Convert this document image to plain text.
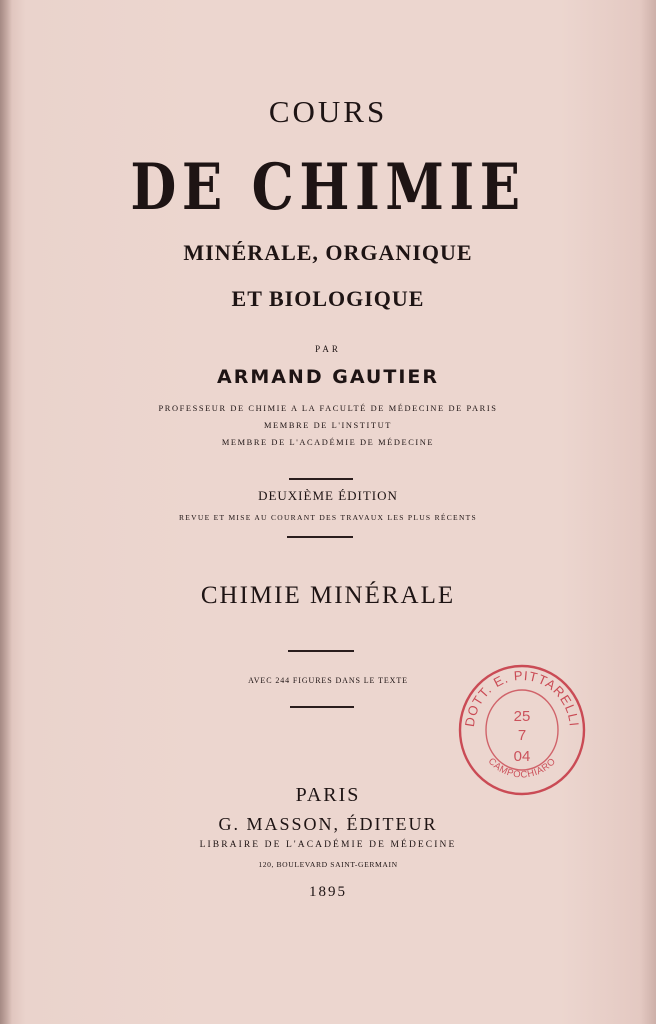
COURS
DE CHIMIE
MINÉRALE, ORGANIQUE
ET BIOLOGIQUE
PAR
ARMAND GAUTIER
PROFESSEUR DE CHIMIE A LA FACULTÉ DE MÉDECINE DE PARIS
MEMBRE DE L'INSTITUT
MEMBRE DE L'ACADÉMIE DE MÉDECINE
DEUXIÈME ÉDITION
REVUE ET MISE AU COURANT DES TRAVAUX LES PLUS RÉCENTS
CHIMIE MINÉRALE
AVEC 244 FIGURES DANS LE TEXTE
PARIS
G. MASSON, ÉDITEUR
LIBRAIRE DE L'ACADÉMIE DE MÉDECINE
120, BOULEVARD SAINT-GERMAIN
1895
DOTT. E. PITTARELLI
CAMPOCHIARO
25
7
04
